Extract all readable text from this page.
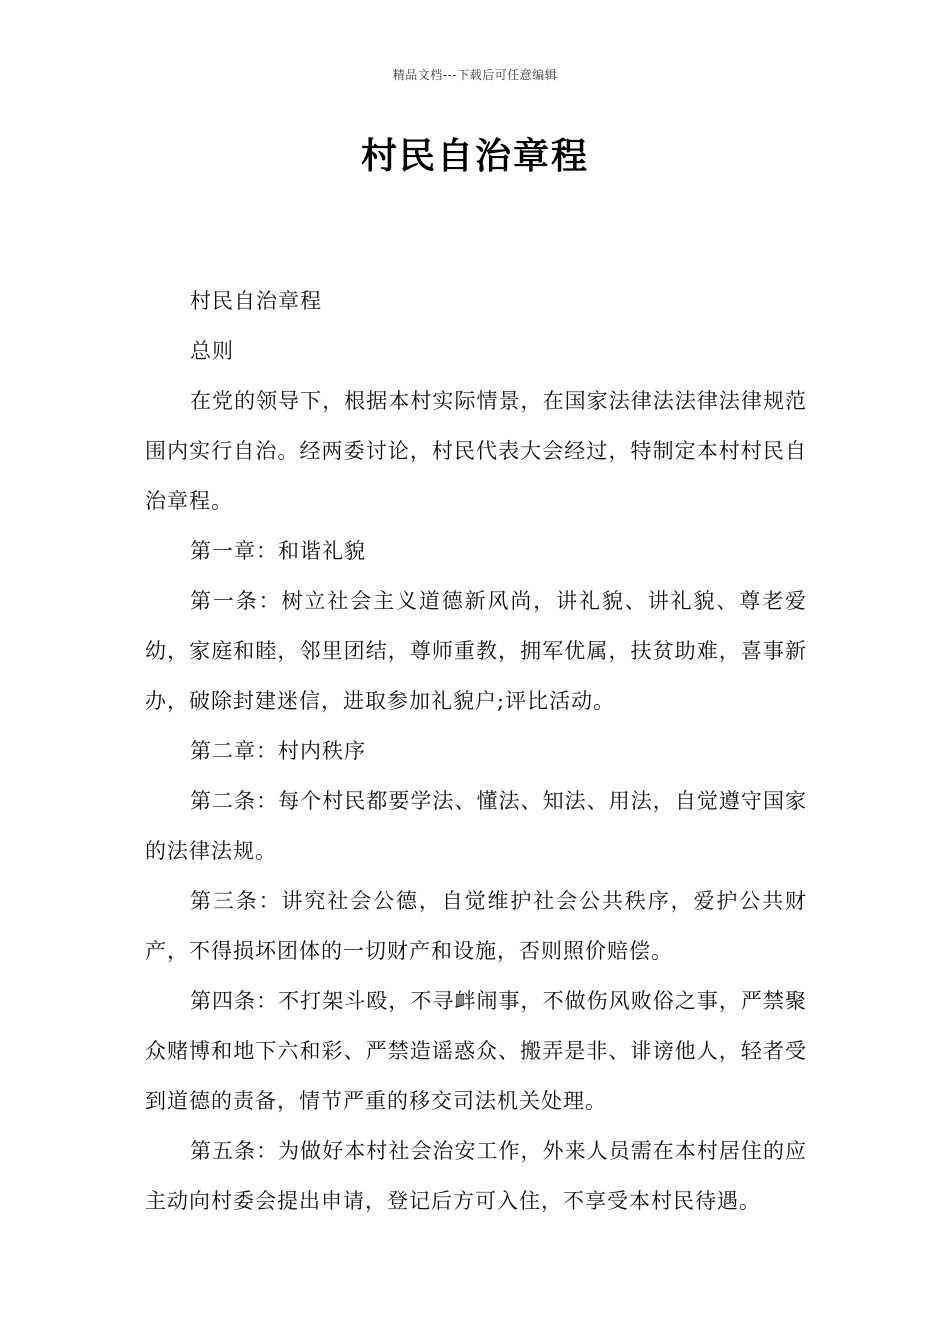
精品文档---下载后可任意编辑
村民自治章程

村民自治章程

总则

在党的领导下，根据本村实际情景，在国家法律法法律法律规范围内实行自治。经两委讨论，村民代表大会经过，特制定本村村民自治章程。

第一章：和谐礼貌

第一条：树立社会主义道德新风尚，讲礼貌、讲礼貌、尊老爱幼，家庭和睦，邻里团结，尊师重教，拥军优属，扶贫助难，喜事新办，破除封建迷信，进取参加礼貌户;评比活动。

第二章：村内秩序

第二条：每个村民都要学法、懂法、知法、用法，自觉遵守国家的法律法规。

第三条：讲究社会公德，自觉维护社会公共秩序，爱护公共财产，不得损坏团体的一切财产和设施，否则照价赔偿。

第四条：不打架斗殴，不寻衅闹事，不做伤风败俗之事，严禁聚众赌博和地下六和彩、严禁造谣惑众、搬弄是非、诽谤他人，轻者受到道德的责备，情节严重的移交司法机关处理。

第五条：为做好本村社会治安工作，外来人员需在本村居住的应主动向村委会提出申请，登记后方可入住，不享受本村民待遇。
